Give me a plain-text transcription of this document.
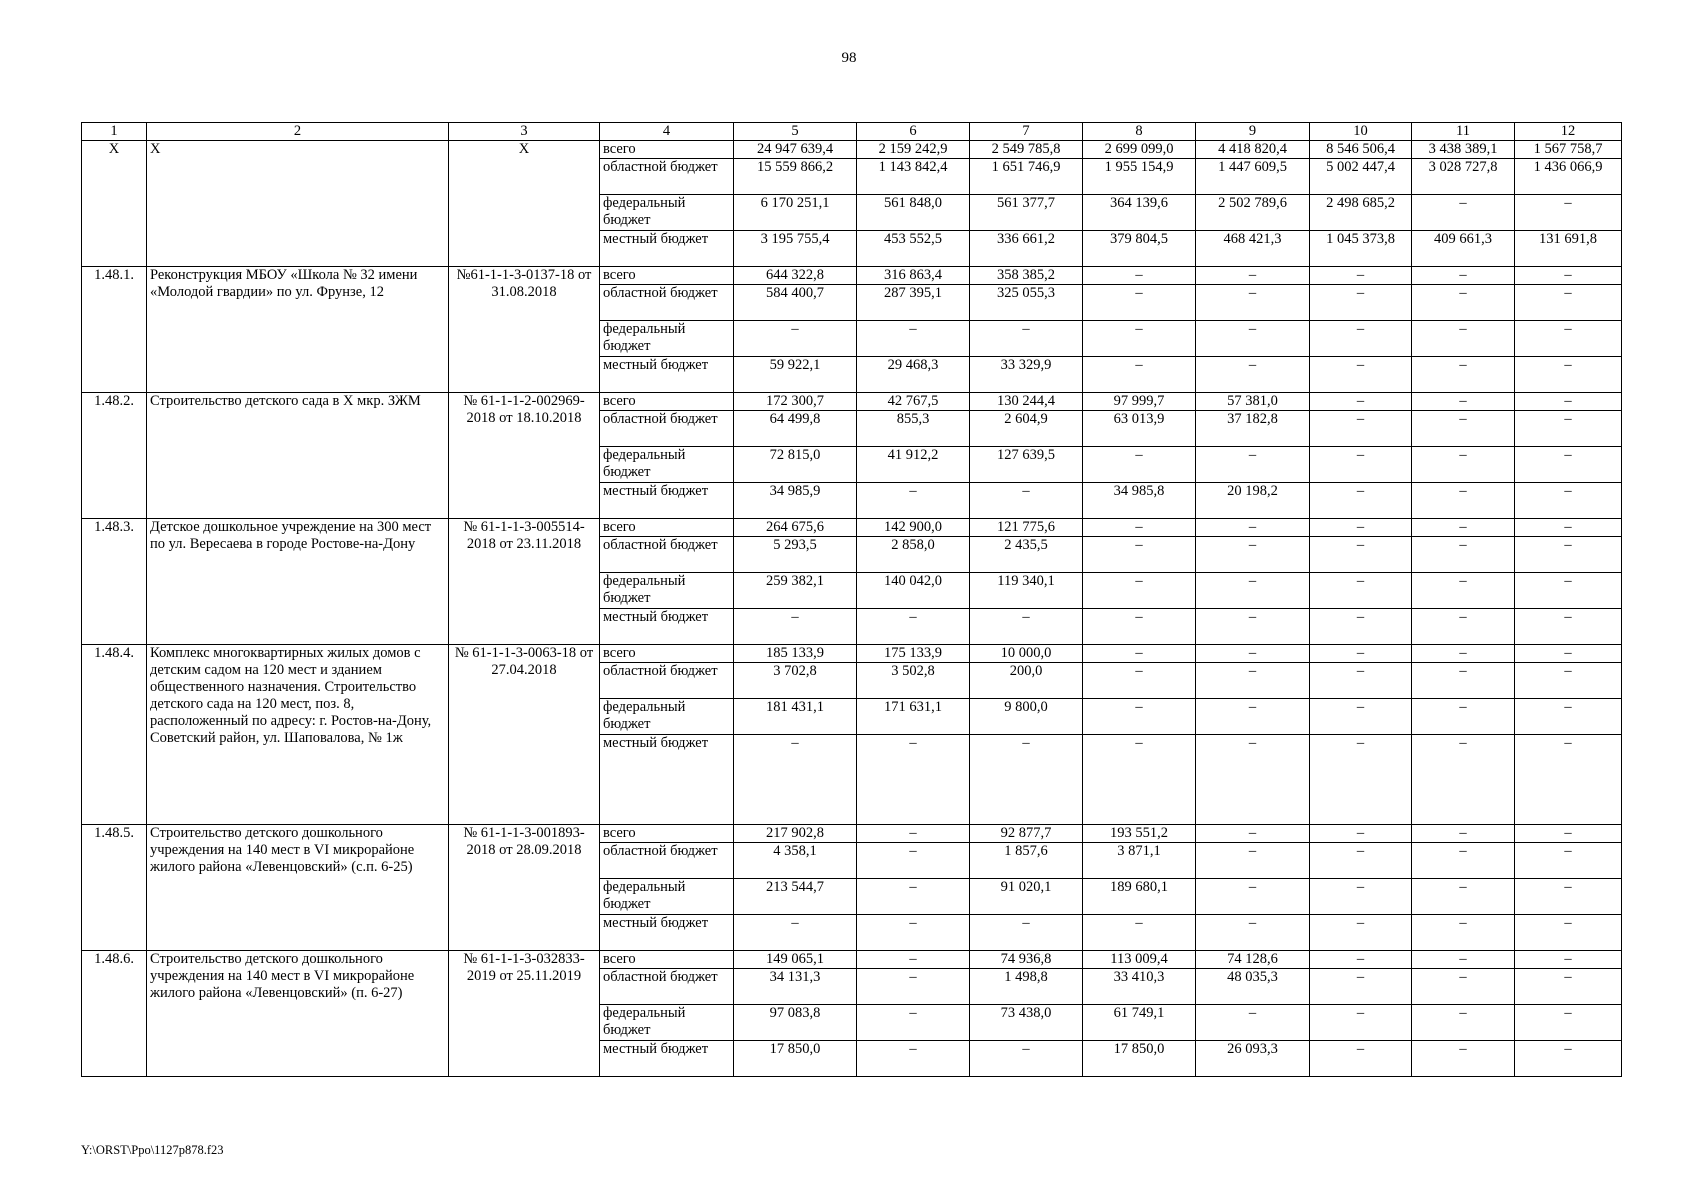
98
1	2	3	4	5	6	7	8	9	10	11	12
Х	Х	Х	всего	24 947 639,4	2 159 242,9	2 549 785,8	2 699 099,0	4 418 820,4	8 546 506,4	3 438 389,1	1 567 758,7
			областной бюджет	15 559 866,2	1 143 842,4	1 651 746,9	1 955 154,9	1 447 609,5	5 002 447,4	3 028 727,8	1 436 066,9
			федеральный бюджет	6 170 251,1	561 848,0	561 377,7	364 139,6	2 502 789,6	2 498 685,2	–	–
			местный бюджет	3 195 755,4	453 552,5	336 661,2	379 804,5	468 421,3	1 045 373,8	409 661,3	131 691,8
1.48.1.	Реконструкция МБОУ «Школа № 32 имени «Молодой гвардии» по ул. Фрунзе, 12	№61-1-1-3-0137-18 от 31.08.2018	всего	644 322,8	316 863,4	358 385,2	–	–	–	–	–
			областной бюджет	584 400,7	287 395,1	325 055,3	–	–	–	–	–
			федеральный бюджет	–	–	–	–	–	–	–	–
			местный бюджет	59 922,1	29 468,3	33 329,9	–	–	–	–	–
1.48.2.	Строительство детского сада в Х мкр. ЗЖМ	№ 61-1-1-2-002969-2018 от 18.10.2018	всего	172 300,7	42 767,5	130 244,4	97 999,7	57 381,0	–	–	–
			областной бюджет	64 499,8	855,3	2 604,9	63 013,9	37 182,8	–	–	–
			федеральный бюджет	72 815,0	41 912,2	127 639,5	–	–	–	–	–
			местный бюджет	34 985,9	–	–	34 985,8	20 198,2	–	–	–
1.48.3.	Детское дошкольное учреждение на 300 мест по ул. Вересаева в городе Ростове-на-Дону	№ 61-1-1-3-005514-2018 от 23.11.2018	всего	264 675,6	142 900,0	121 775,6	–	–	–	–	–
			областной бюджет	5 293,5	2 858,0	2 435,5	–	–	–	–	–
			федеральный бюджет	259 382,1	140 042,0	119 340,1	–	–	–	–	–
			местный бюджет	–	–	–	–	–	–	–	–
1.48.4.	Комплекс многоквартирных жилых домов с детским садом на 120 мест и зданием общественного назначения. Строительство детского сада на 120 мест, поз. 8, расположенный по адресу: г. Ростов-на-Дону, Советский район, ул. Шаповалова, № 1ж	№ 61-1-1-3-0063-18 от 27.04.2018	всего	185 133,9	175 133,9	10 000,0	–	–	–	–	–
			областной бюджет	3 702,8	3 502,8	200,0	–	–	–	–	–
			федеральный бюджет	181 431,1	171 631,1	9 800,0	–	–	–	–	–
			местный бюджет	–	–	–	–	–	–	–	–
1.48.5.	Строительство детского дошкольного учреждения на 140 мест в VI микрорайоне жилого района «Левенцовский» (с.п. 6-25)	№ 61-1-1-3-001893-2018 от 28.09.2018	всего	217 902,8	–	92 877,7	193 551,2	–	–	–	–
			областной бюджет	4 358,1	–	1 857,6	3 871,1	–	–	–	–
			федеральный бюджет	213 544,7	–	91 020,1	189 680,1	–	–	–	–
			местный бюджет	–	–	–	–	–	–	–	–
1.48.6.	Строительство детского дошкольного учреждения на 140 мест в VI микрорайоне жилого района «Левенцовский» (п. 6-27)	№ 61-1-1-3-032833-2019 от 25.11.2019	всего	149 065,1	–	74 936,8	113 009,4	74 128,6	–	–	–
			областной бюджет	34 131,3	–	1 498,8	33 410,3	48 035,3	–	–	–
			федеральный бюджет	97 083,8	–	73 438,0	61 749,1	–	–	–	–
			местный бюджет	17 850,0	–	–	17 850,0	26 093,3	–	–	–
Y:\ORST\Ppo\1127p878.f23
